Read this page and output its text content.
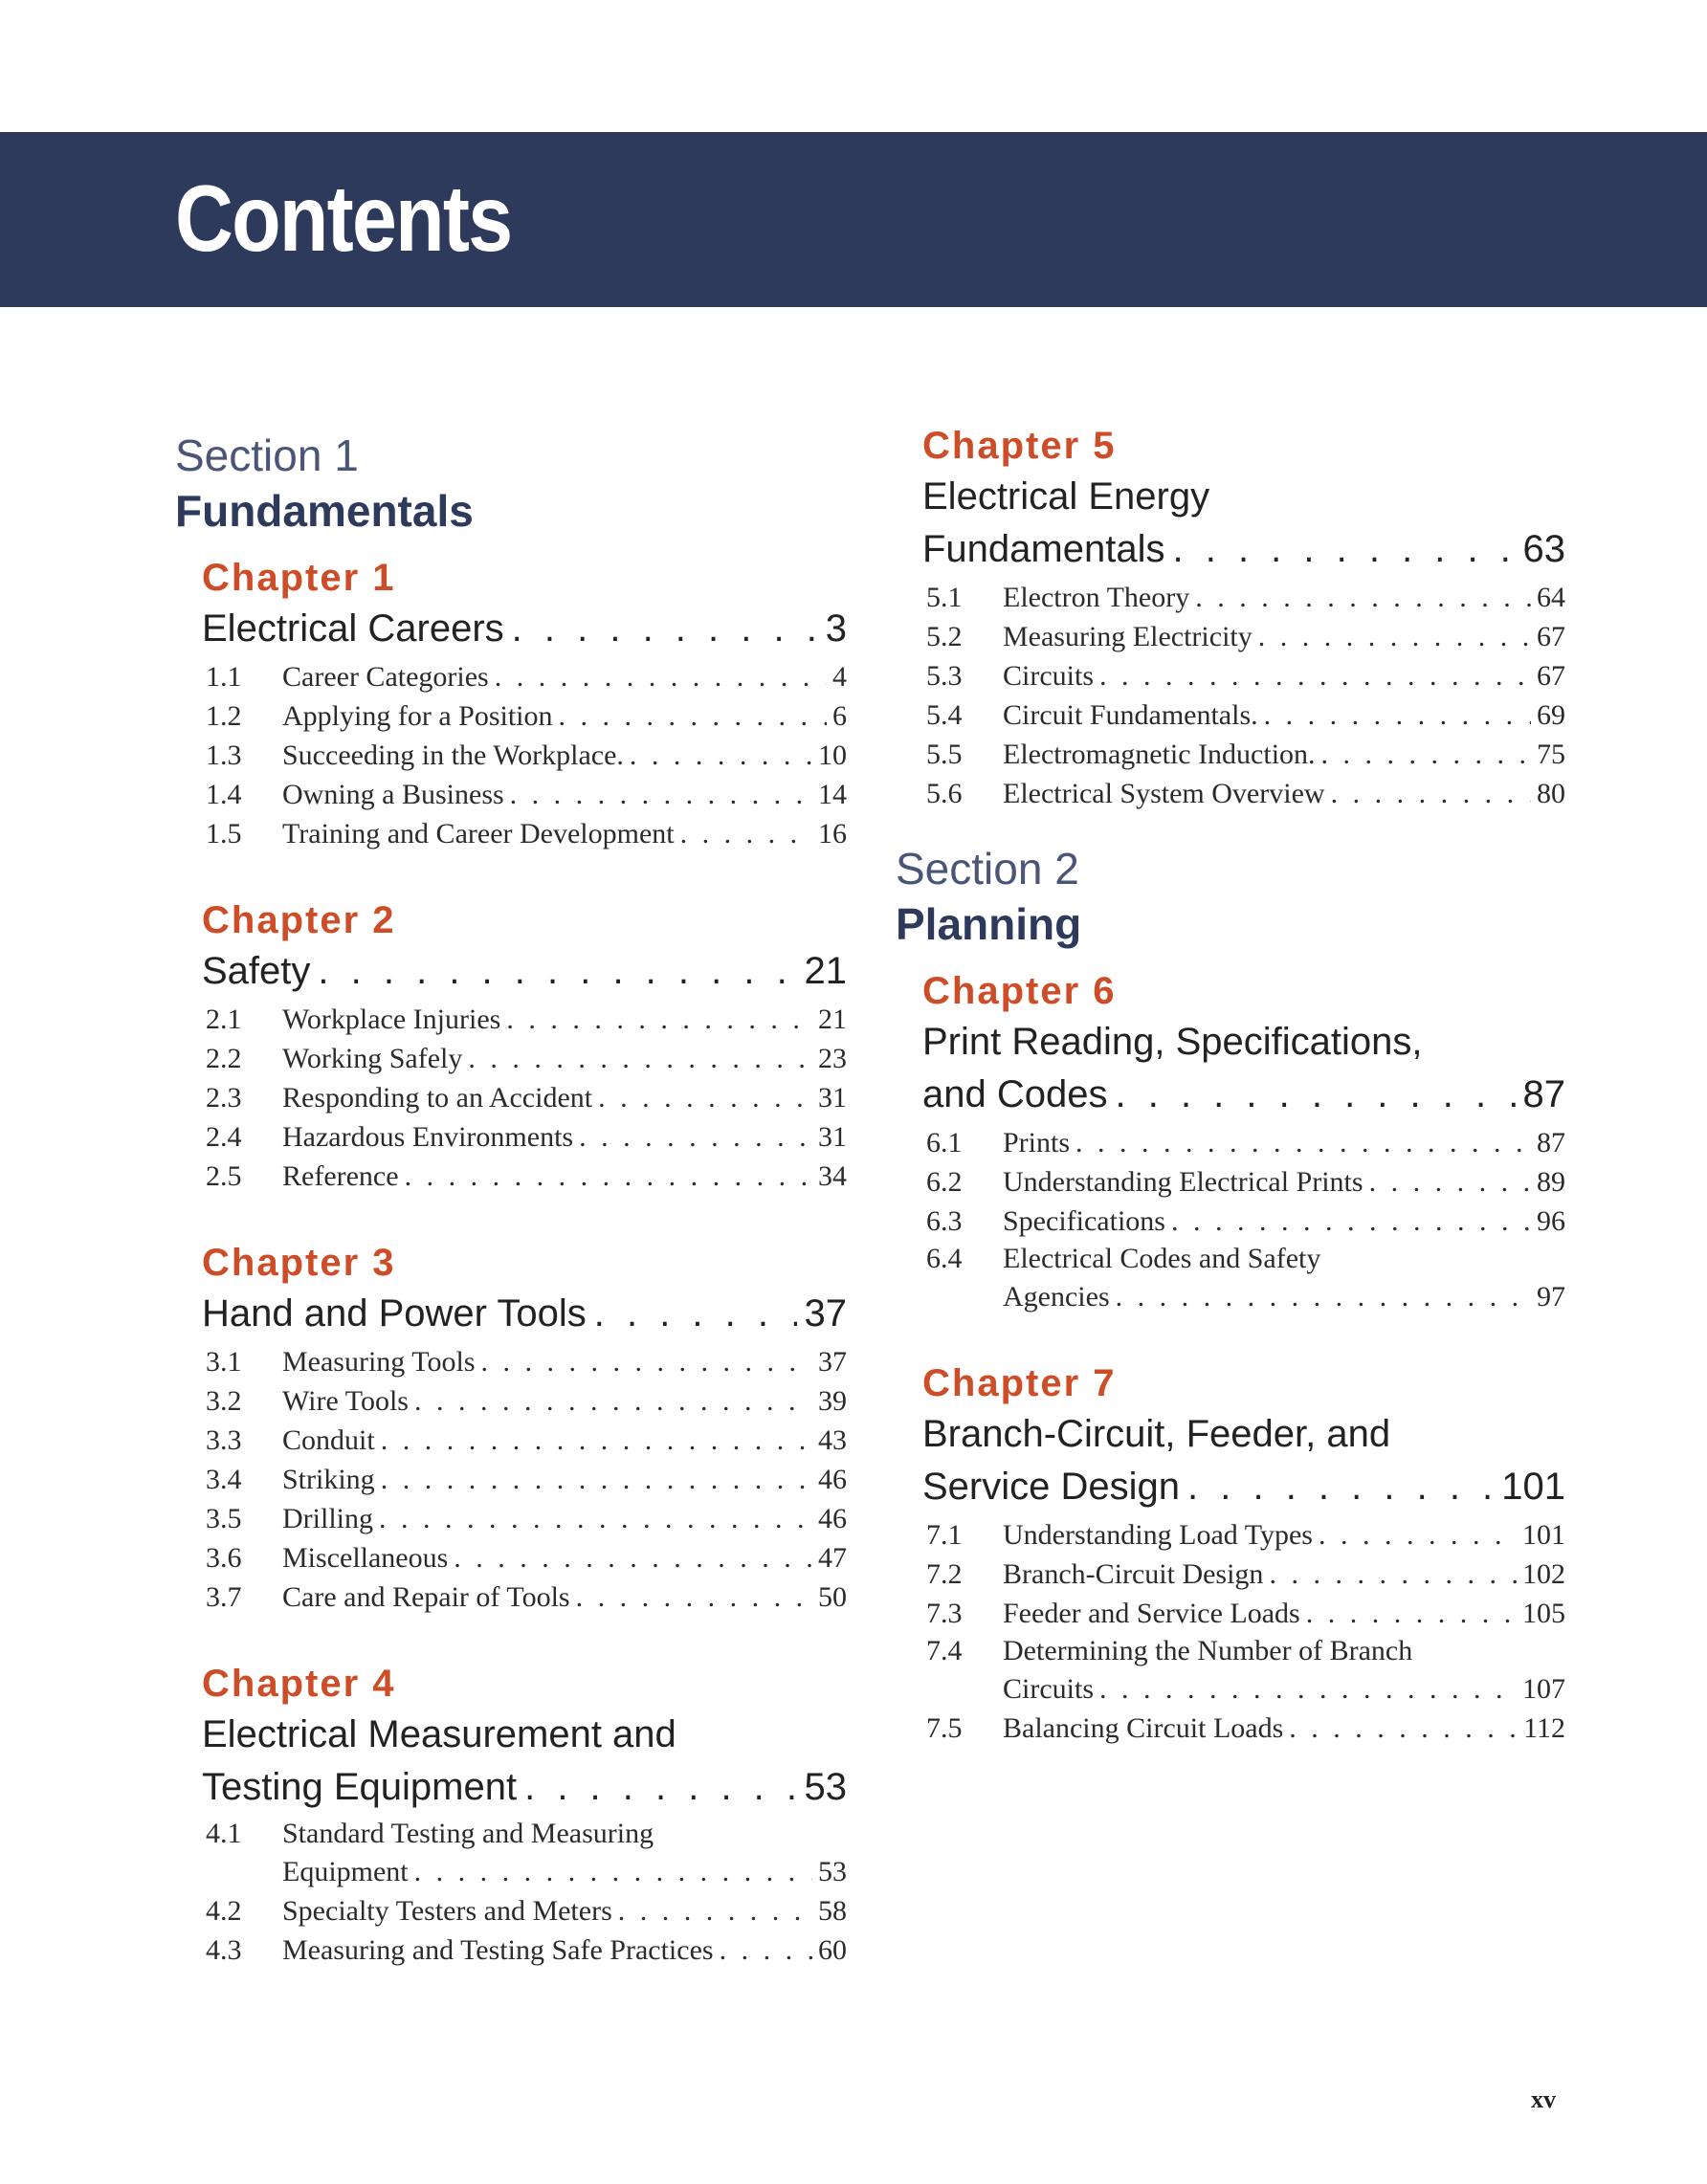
Contents
Section 1
Fundamentals
Chapter 1
Electrical Careers . . .	3
1.1	Career Categories . . .	4
1.2	Applying for a Position . . .	6
1.3	Succeeding in the Workplace. . . .	10
1.4	Owning a Business . . .	14
1.5	Training and Career Development . . .	16
Chapter 2
Safety . . .	21
2.1	Workplace Injuries . . .	21
2.2	Working Safely . . .	23
2.3	Responding to an Accident . . .	31
2.4	Hazardous Environments . . .	31
2.5	Reference . . .	34
Chapter 3
Hand and Power Tools . . .	37
3.1	Measuring Tools . . .	37
3.2	Wire Tools . . .	39
3.3	Conduit . . .	43
3.4	Striking . . .	46
3.5	Drilling . . .	46
3.6	Miscellaneous . . .	47
3.7	Care and Repair of Tools . . .	50
Chapter 4
Electrical Measurement and
Testing Equipment . . .	53
4.1	Standard Testing and Measuring
Equipment . . .	53
4.2	Specialty Testers and Meters . . .	58
4.3	Measuring and Testing Safe Practices . . .	60
Chapter 5
Electrical Energy
Fundamentals . . .	63
5.1	Electron Theory . . .	64
5.2	Measuring Electricity . . .	67
5.3	Circuits . . .	67
5.4	Circuit Fundamentals. . . .	69
5.5	Electromagnetic Induction. . . .	75
5.6	Electrical System Overview . . .	80
Section 2
Planning
Chapter 6
Print Reading, Specifications,
and Codes . . .	87
6.1	Prints . . .	87
6.2	Understanding Electrical Prints . . .	89
6.3	Specifications . . .	96
6.4	Electrical Codes and Safety
Agencies . . .	97
Chapter 7
Branch-Circuit, Feeder, and
Service Design . . .	101
7.1	Understanding Load Types . . .	101
7.2	Branch-Circuit Design . . .	102
7.3	Feeder and Service Loads . . .	105
7.4	Determining the Number of Branch
Circuits . . .	107
7.5	Balancing Circuit Loads . . .	112
xv
